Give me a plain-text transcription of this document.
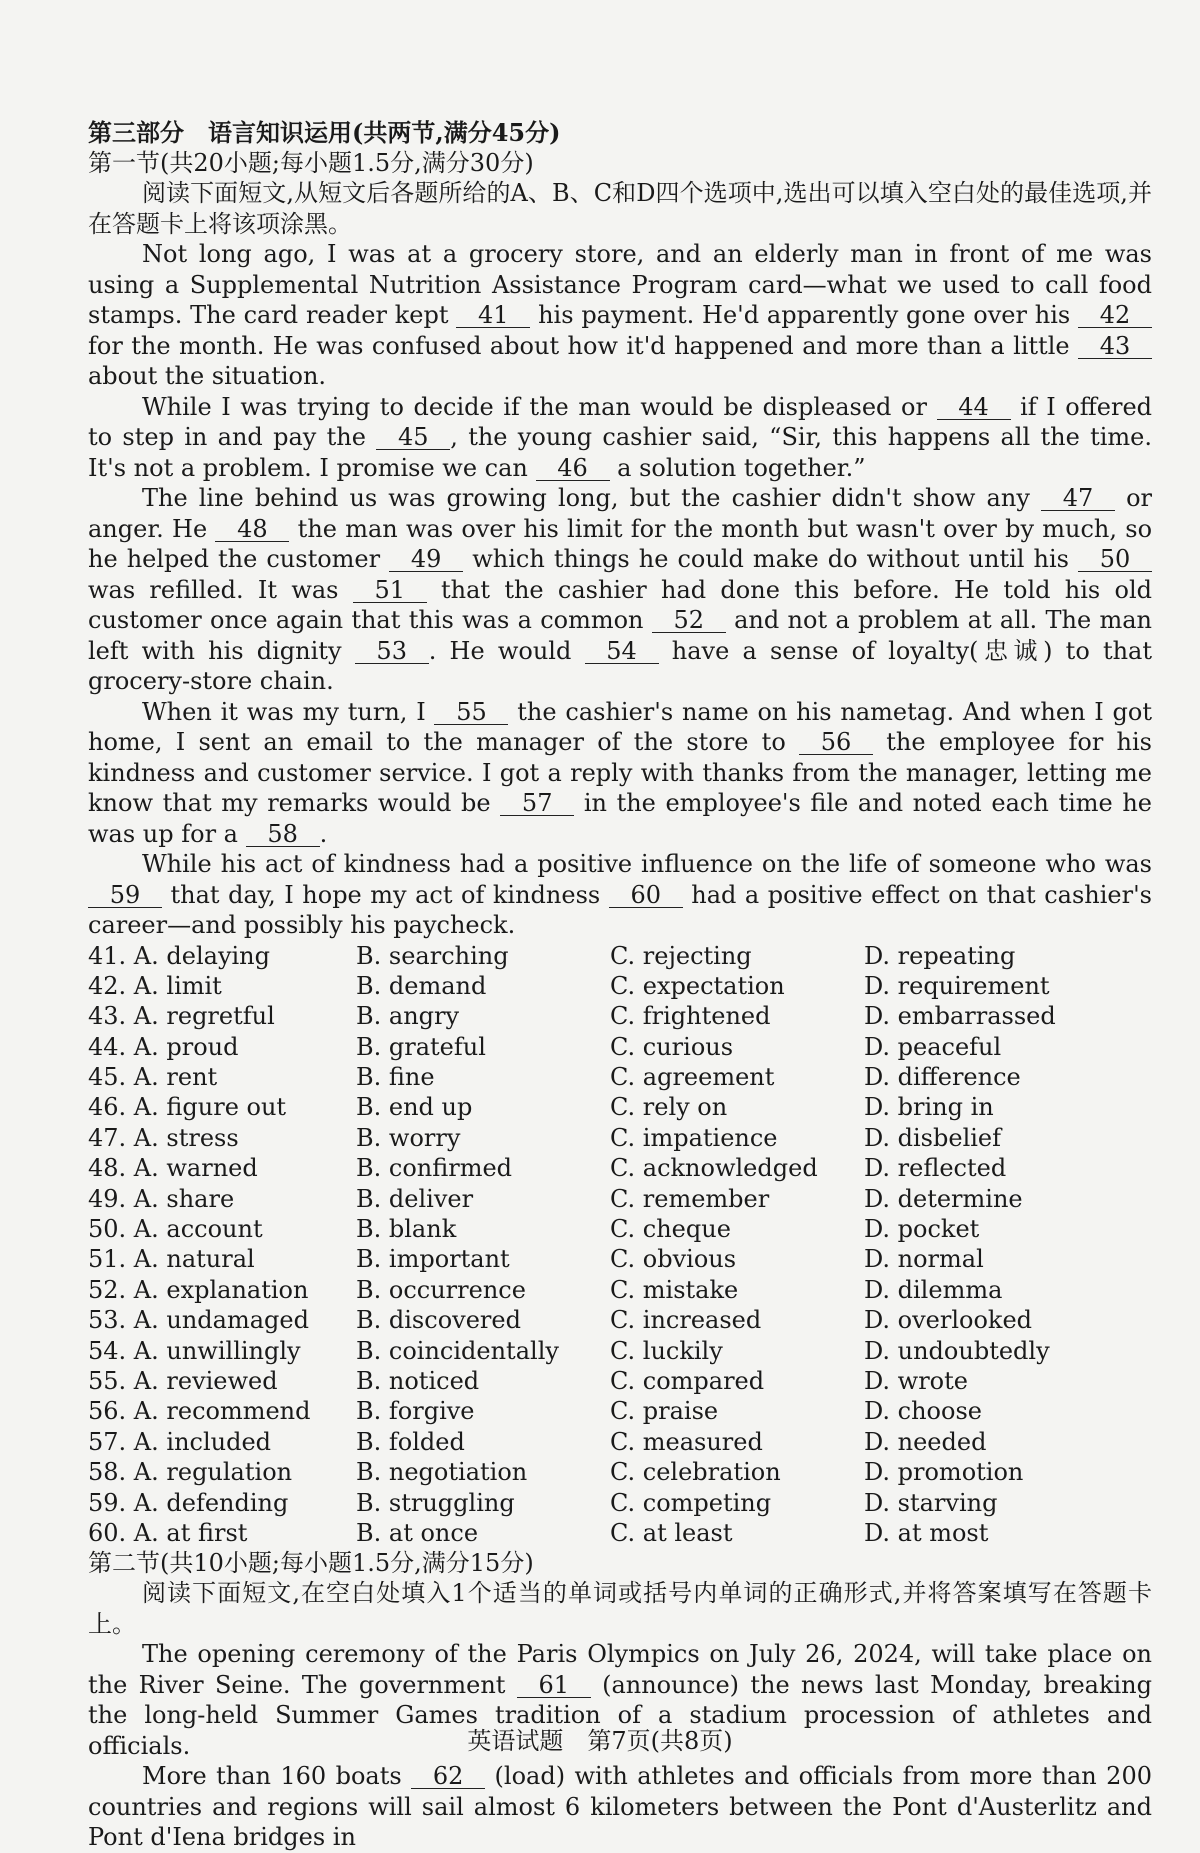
第三部分　语言知识运用(共两节,满分45分)
第一节(共20小题;每小题1.5分,满分30分)

阅读下面短文,从短文后各题所给的A、B、C和D四个选项中,选出可以填入空白处的最佳选项,并在答题卡上将该项涂黑。

Not long ago, I was at a grocery store, and an elderly man in front of me was using a Supplemental Nutrition Assistance Program card—what we used to call food stamps. The card reader kept 41 his payment. He'd apparently gone over his 42 for the month. He was confused about how it'd happened and more than a little 43 about the situation.

While I was trying to decide if the man would be displeased or 44 if I offered to step in and pay the 45 , the young cashier said, “Sir, this happens all the time. It's not a problem. I promise we can 46 a solution together.”

The line behind us was growing long, but the cashier didn't show any 47 or anger. He 48 the man was over his limit for the month but wasn't over by much, so he helped the customer 49 which things he could make do without until his 50 was refilled. It was 51 that the cashier had done this before. He told his old customer once again that this was a common 52 and not a problem at all. The man left with his dignity 53 . He would 54 have a sense of loyalty(忠诚) to that grocery-store chain.

When it was my turn, I 55 the cashier's name on his nametag. And when I got home, I sent an email to the manager of the store to 56 the employee for his kindness and customer service. I got a reply with thanks from the manager, letting me know that my remarks would be 57 in the employee's file and noted each time he was up for a 58 .

While his act of kindness had a positive influence on the life of someone who was 59 that day, I hope my act of kindness 60 had a positive effect on that cashier's career—and possibly his paycheck.

41. A. delaying	B. searching	C. rejecting	D. repeating
42. A. limit	B. demand	C. expectation	D. requirement
43. A. regretful	B. angry	C. frightened	D. embarrassed
44. A. proud	B. grateful	C. curious	D. peaceful
45. A. rent	B. fine	C. agreement	D. difference
46. A. figure out	B. end up	C. rely on	D. bring in
47. A. stress	B. worry	C. impatience	D. disbelief
48. A. warned	B. confirmed	C. acknowledged	D. reflected
49. A. share	B. deliver	C. remember	D. determine
50. A. account	B. blank	C. cheque	D. pocket
51. A. natural	B. important	C. obvious	D. normal
52. A. explanation	B. occurrence	C. mistake	D. dilemma
53. A. undamaged	B. discovered	C. increased	D. overlooked
54. A. unwillingly	B. coincidentally	C. luckily	D. undoubtedly
55. A. reviewed	B. noticed	C. compared	D. wrote
56. A. recommend	B. forgive	C. praise	D. choose
57. A. included	B. folded	C. measured	D. needed
58. A. regulation	B. negotiation	C. celebration	D. promotion
59. A. defending	B. struggling	C. competing	D. starving
60. A. at first	B. at once	C. at least	D. at most
第二节(共10小题;每小题1.5分,满分15分)

阅读下面短文,在空白处填入1个适当的单词或括号内单词的正确形式,并将答案填写在答题卡上。

The opening ceremony of the Paris Olympics on July 26, 2024, will take place on the River Seine. The government 61 (announce) the news last Monday, breaking the long-held Summer Games tradition of a stadium procession of athletes and officials.

More than 160 boats 62 (load) with athletes and officials from more than 200 countries and regions will sail almost 6 kilometers between the Pont d'Austerlitz and Pont d'Iena bridges in

英语试题　第7页(共8页)
